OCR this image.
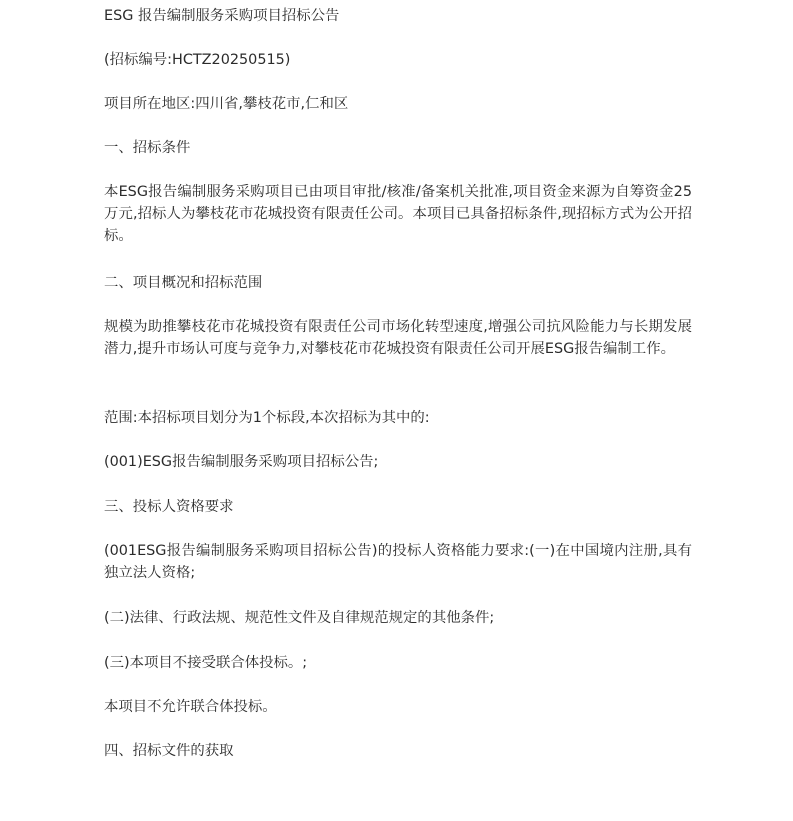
ESG 报告编制服务采购项目招标公告

(招标编号:HCTZ20250515)

项目所在地区:四川省,攀枝花市,仁和区

一、招标条件

本ESG报告编制服务采购项目已由项目审批/核准/备案机关批准,项目资金来源为自筹资金25万元,招标人为攀枝花市花城投资有限责任公司。本项目已具备招标条件,现招标方式为公开招标。

二、项目概况和招标范围

规模为助推攀枝花市花城投资有限责任公司市场化转型速度,增强公司抗风险能力与长期发展潜力,提升市场认可度与竞争力,对攀枝花市花城投资有限责任公司开展ESG报告编制工作。

范围:本招标项目划分为1个标段,本次招标为其中的:

(001)ESG报告编制服务采购项目招标公告;

三、投标人资格要求

(001ESG报告编制服务采购项目招标公告)的投标人资格能力要求:(一)在中国境内注册,具有独立法人资格;

(二)法律、行政法规、规范性文件及自律规范规定的其他条件;

(三)本项目不接受联合体投标。;

本项目不允许联合体投标。

四、招标文件的获取
